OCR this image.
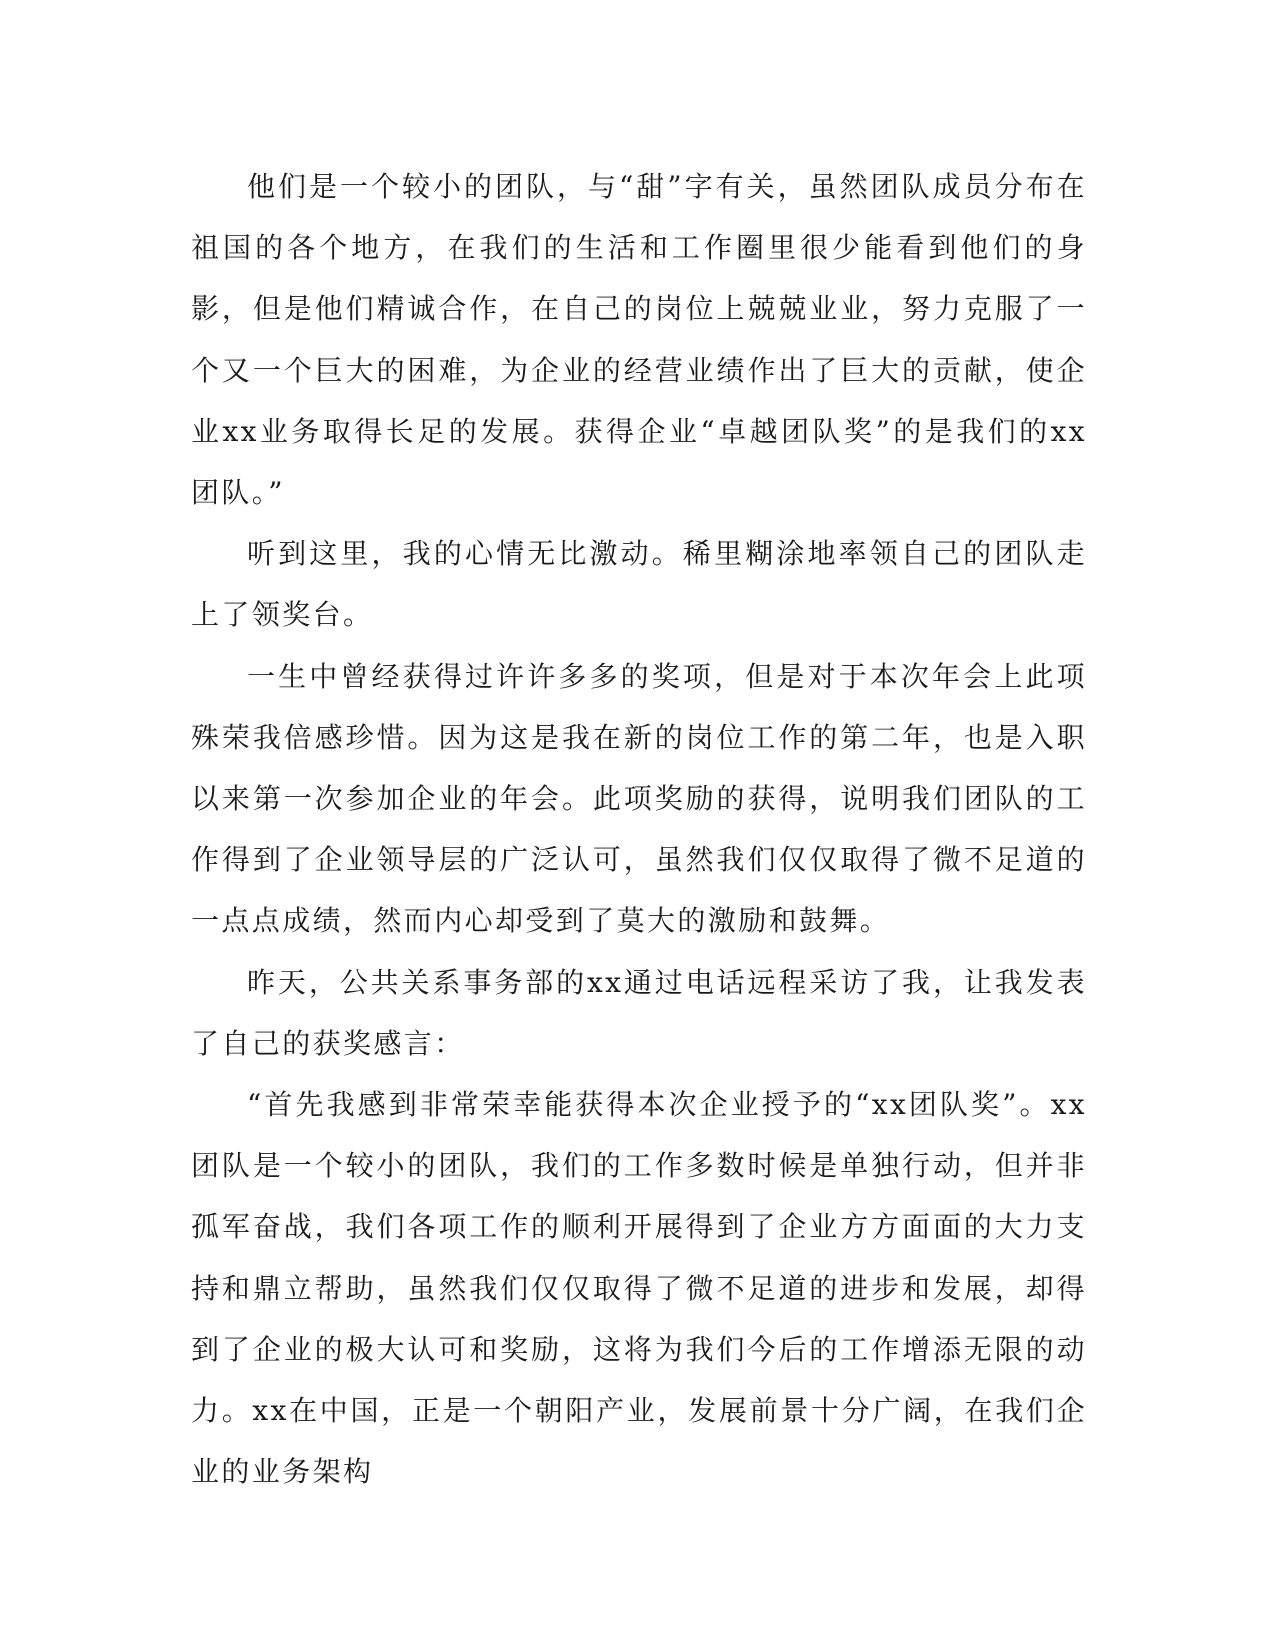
他们是一个较小的团队，与“甜”字有关，虽然团队成员分布在祖国的各个地方，在我们的生活和工作圈里很少能看到他们的身影，但是他们精诚合作，在自己的岗位上兢兢业业，努力克服了一个又一个巨大的困难，为企业的经营业绩作出了巨大的贡献，使企业xx业务取得长足的发展。获得企业“卓越团队奖”的是我们的xx团队。”

听到这里，我的心情无比激动。稀里糊涂地率领自己的团队走上了领奖台。

一生中曾经获得过许许多多的奖项，但是对于本次年会上此项殊荣我倍感珍惜。因为这是我在新的岗位工作的第二年，也是入职以来第一次参加企业的年会。此项奖励的获得，说明我们团队的工作得到了企业领导层的广泛认可，虽然我们仅仅取得了微不足道的一点点成绩，然而内心却受到了莫大的激励和鼓舞。

昨天，公共关系事务部的xx通过电话远程采访了我，让我发表了自己的获奖感言：

“首先我感到非常荣幸能获得本次企业授予的“xx团队奖”。xx团队是一个较小的团队，我们的工作多数时候是单独行动，但并非孤军奋战，我们各项工作的顺利开展得到了企业方方面面的大力支持和鼎立帮助，虽然我们仅仅取得了微不足道的进步和发展，却得到了企业的极大认可和奖励，这将为我们今后的工作增添无限的动力。xx在中国，正是一个朝阳产业，发展前景十分广阔，在我们企业的业务架构
